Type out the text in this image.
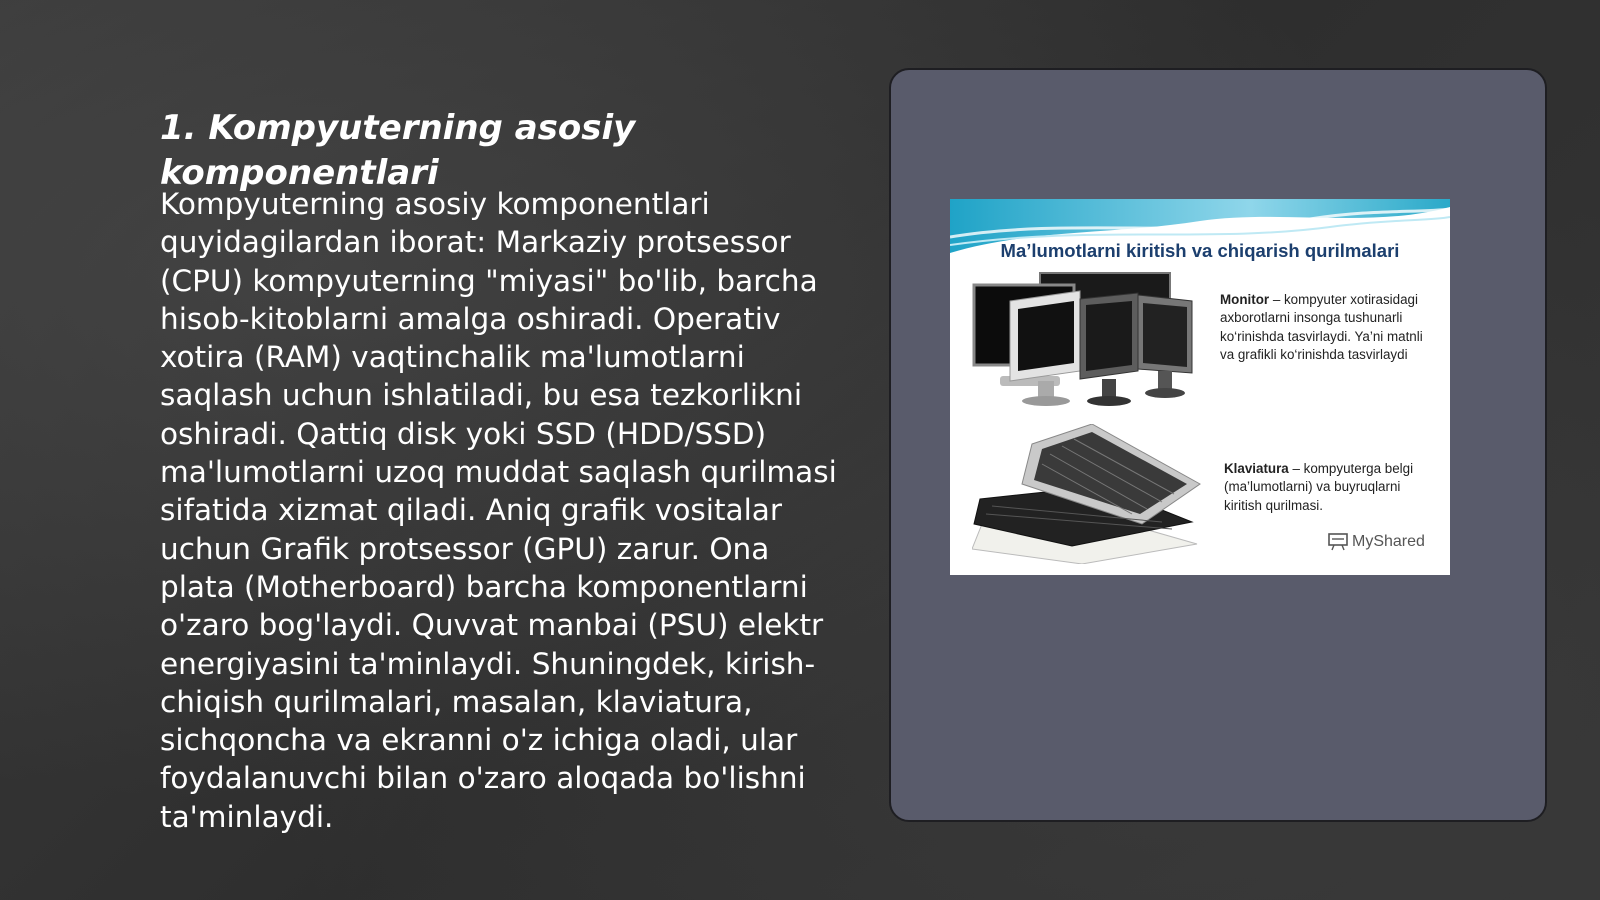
1. Kompyuterning asosiy komponentlari

Kompyuterning asosiy komponentlari quyidagilardan iborat: Markaziy protsessor (CPU) kompyuterning "miyasi" bo'lib, barcha hisob-kitoblarni amalga oshiradi. Operativ xotira (RAM) vaqtinchalik ma'lumotlarni saqlash uchun ishlatiladi, bu esa tezkorlikni oshiradi. Qattiq disk yoki SSD (HDD/SSD) ma'lumotlarni uzoq muddat saqlash qurilmasi sifatida xizmat qiladi. Aniq grafik vositalar uchun Grafik protsessor (GPU) zarur. Ona plata (Motherboard) barcha komponentlarni o'zaro bog'laydi. Quvvat manbai (PSU) elektr energiyasini ta'minlaydi. Shuningdek, kirish-chiqish qurilmalari, masalan, klaviatura, sichqoncha va ekranni o'z ichiga oladi, ular foydalanuvchi bilan o'zaro aloqada bo'lishni ta'minlaydi.

Ma’lumotlarni kiritish va chiqarish qurilmalari

Monitor – kompyuter xotirasidagi axborotlarni insonga tushunarli ko‘rinishda tasvirlaydi. Ya’ni matnli va grafikli ko‘rinishda tasvirlaydi

Klaviatura – kompyuterga belgi (ma’lumotlarni) va buyruqlarni kiritish qurilmasi.

MyShared
